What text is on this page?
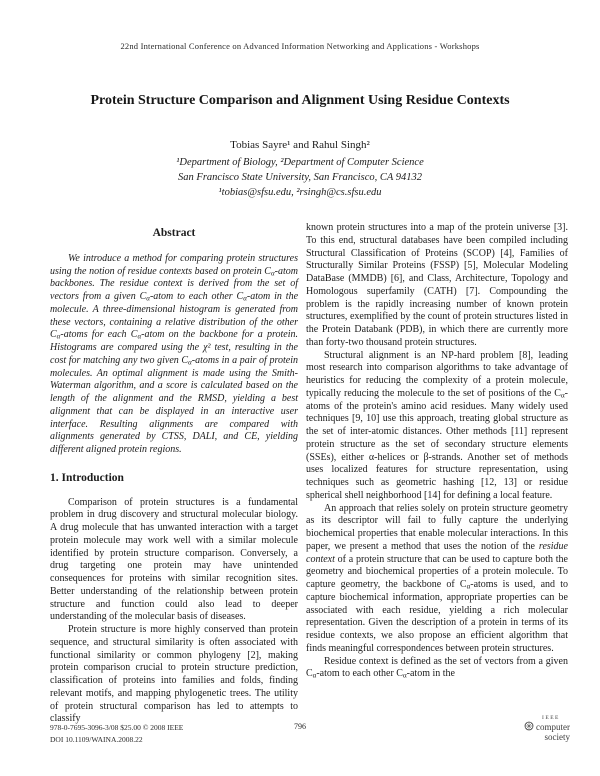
22nd International Conference on Advanced Information Networking and Applications - Workshops
Protein Structure Comparison and Alignment Using Residue Contexts
Tobias Sayre¹ and Rahul Singh²
¹Department of Biology, ²Department of Computer Science
San Francisco State University, San Francisco, CA 94132
¹tobias@sfsu.edu, ²rsingh@cs.sfsu.edu
Abstract

We introduce a method for comparing protein structures using the notion of residue contexts based on protein $C_\alpha$-atom backbones. The residue context is derived from the set of vectors from a given $C_\alpha$-atom to each other $C_\alpha$-atom in the molecule. A three-dimensional histogram is generated from these vectors, containing a relative distribution of the other $C_\alpha$-atoms for each $C_\alpha$-atom on the backbone for a protein. Histograms are compared using the χ² test, resulting in the cost for matching any two given $C_\alpha$-atoms in a pair of protein molecules. An optimal alignment is made using the Smith-Waterman algorithm, and a score is calculated based on the length of the alignment and the RMSD, yielding a best alignment that can be displayed in an interactive user interface. Resulting alignments are compared with alignments generated by CTSS, DALI, and CE, yielding different aligned protein regions.

1. Introduction

Comparison of protein structures is a fundamental problem in drug discovery and structural molecular biology. A drug molecule that has unwanted interaction with a target protein molecule may work well with a similar molecule identified by protein structure comparison. Conversely, a drug targeting one protein may have unintended consequences for proteins with similar recognition sites. Better understanding of the relationship between protein structure and function could also lead to deeper understanding of the molecular basis of diseases.

Protein structure is more highly conserved than protein sequence, and structural similarity is often associated with functional similarity or common phylogeny [2], making protein comparison crucial to protein structure prediction, classification of proteins into families and folds, finding relevant motifs, and mapping phylogenetic trees. The utility of protein structural comparison has led to attempts to classify

known protein structures into a map of the protein universe [3]. To this end, structural databases have been compiled including Structural Classification of Proteins (SCOP) [4], Families of Structurally Similar Proteins (FSSP) [5], Molecular Modeling DataBase (MMDB) [6], and Class, Architecture, Topology and Homologous superfamily (CATH) [7]. Compounding the problem is the rapidly increasing number of known protein structures, exemplified by the count of protein structures listed in the Protein Databank (PDB), in which there are currently more than forty-two thousand protein structures.

Structural alignment is an NP-hard problem [8], leading most research into comparison algorithms to take advantage of heuristics for reducing the complexity of a protein molecule, typically reducing the molecule to the set of positions of the $C_\alpha$-atoms of the protein's amino acid residues. Many widely used techniques [9, 10] use this approach, treating global structure as the set of inter-atomic distances. Other methods [11] represent protein structure as the set of secondary structure elements (SSEs), either α-helices or β-strands. Another set of methods uses localized features for structure representation, using techniques such as geometric hashing [12, 13] or residue spherical shell neighborhood [14] for defining a local feature.

An approach that relies solely on protein structure geometry as its descriptor will fail to fully capture the underlying biochemical properties that enable molecular interactions. In this paper, we present a method that uses the notion of the residue context of a protein structure that can be used to capture both the geometry and biochemical properties of a protein molecule. To capture geometry, the backbone of $C_\alpha$-atoms is used, and to capture biochemical information, appropriate properties can be associated with each residue, yielding a rich molecular representation. Given the description of a protein in terms of its residue contexts, we also propose an efficient algorithm that finds meaningful correspondences between protein structures.

Residue context is defined as the set of vectors from a given $C_\alpha$-atom to each other $C_\alpha$-atom in the

978-0-7695-3096-3/08 $25.00 © 2008 IEEE
DOI 10.1109/WAINA.2008.22
796
IEEE
computer
society
